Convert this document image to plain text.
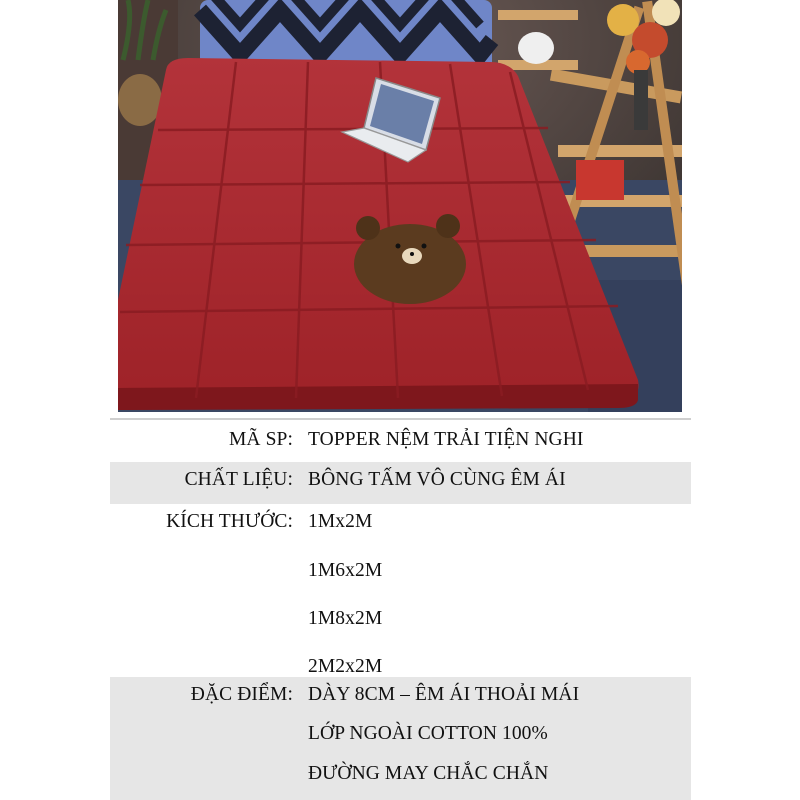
MÃ SP: TOPPER NỆM TRẢI TIỆN NGHI
CHẤT LIỆU: BÔNG TẤM VÔ CÙNG ÊM ÁI
KÍCH THƯỚC: 1Mx2M
1M6x2M
1M8x2M
2M2x2M
ĐẶC ĐIỂM: DÀY 8CM – ÊM ÁI THOẢI MÁI
LỚP NGOÀI COTTON 100%
ĐƯỜNG MAY CHẮC CHẮN
